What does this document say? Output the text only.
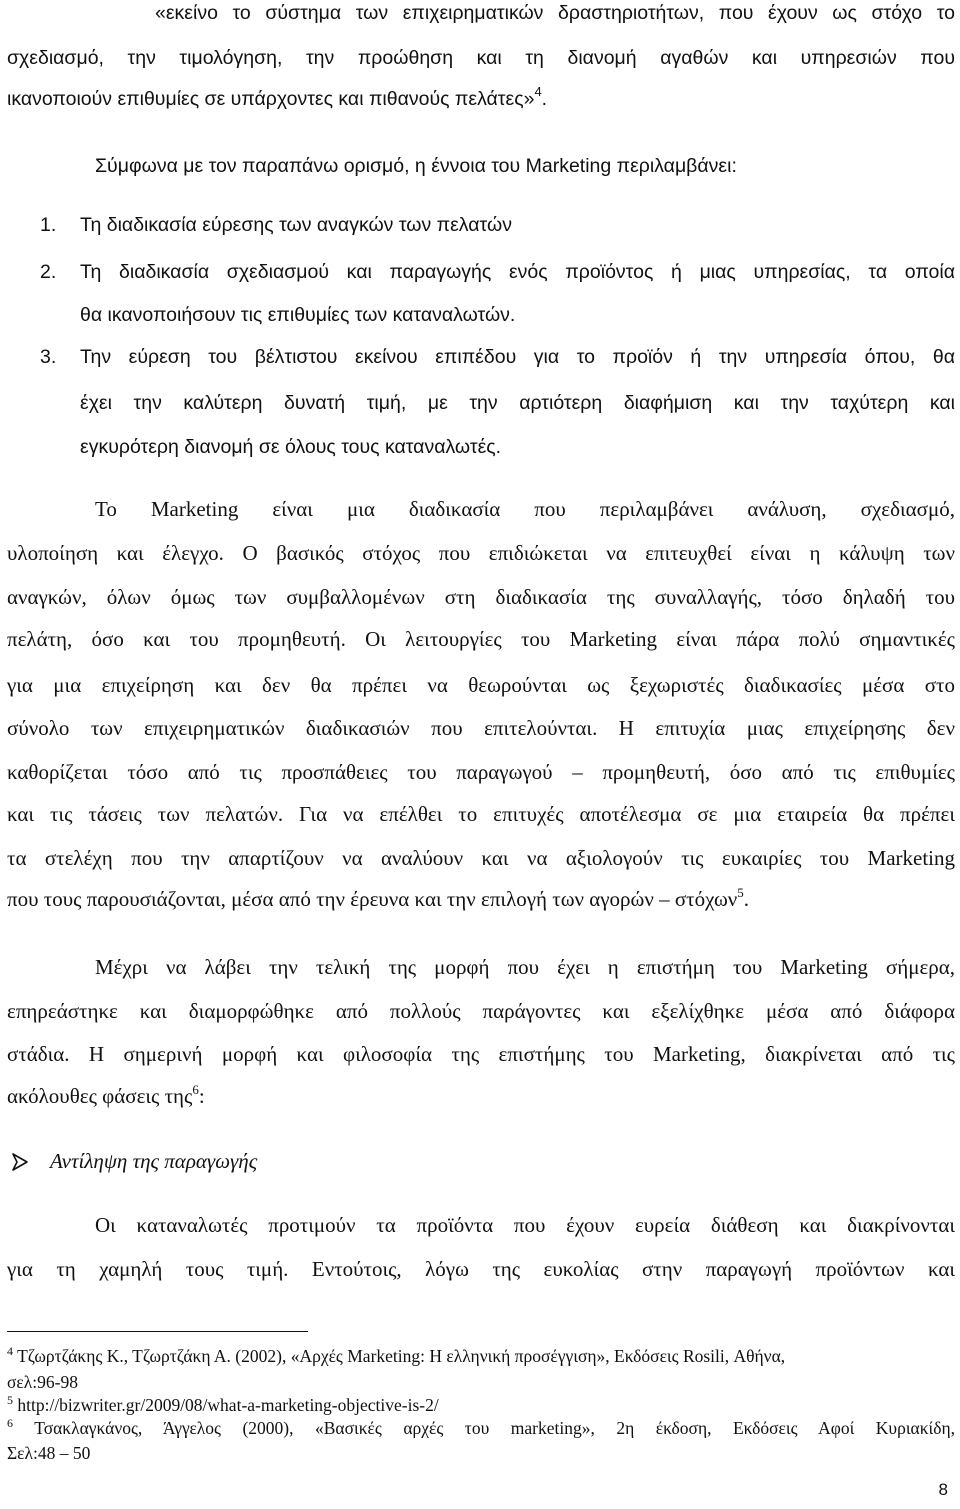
«εκείνο το σύστημα των επιχειρηματικών δραστηριοτήτων, που έχουν ως στόχο το
σχεδιασμό, την τιμολόγηση, την προώθηση και τη διανομή αγαθών και υπηρεσιών που
ικανοποιούν επιθυμίες σε υπάρχοντες και πιθανούς πελάτες»$^4$.
Σύμφωνα με τον παραπάνω ορισμό, η έννοια του Marketing περιλαμβάνει:
1. Τη διαδικασία εύρεσης των αναγκών των πελατών
2. Τη διαδικασία σχεδιασμού και παραγωγής ενός προϊόντος ή μιας υπηρεσίας, τα οποία
θα ικανοποιήσουν τις επιθυμίες των καταναλωτών.
3. Την εύρεση του βέλτιστου εκείνου επιπέδου για το προϊόν ή την υπηρεσία όπου, θα
έχει την καλύτερη δυνατή τιμή, με την αρτιότερη διαφήμιση και την ταχύτερη και
εγκυρότερη διανομή σε όλους τους καταναλωτές.
Το Marketing είναι μια διαδικασία που περιλαμβάνει ανάλυση, σχεδιασμό,
υλοποίηση και έλεγχο. Ο βασικός στόχος που επιδιώκεται να επιτευχθεί είναι η κάλυψη των
αναγκών, όλων όμως των συμβαλλομένων στη διαδικασία της συναλλαγής, τόσο δηλαδή του
πελάτη, όσο και του προμηθευτή. Οι λειτουργίες του Marketing είναι πάρα πολύ σημαντικές
για μια επιχείρηση και δεν θα πρέπει να θεωρούνται ως ξεχωριστές διαδικασίες μέσα στο
σύνολο των επιχειρηματικών διαδικασιών που επιτελούνται. Η επιτυχία μιας επιχείρησης δεν
καθορίζεται τόσο από τις προσπάθειες του παραγωγού – προμηθευτή, όσο από τις επιθυμίες
και τις τάσεις των πελατών. Για να επέλθει το επιτυχές αποτέλεσμα σε μια εταιρεία θα πρέπει
τα στελέχη που την απαρτίζουν να αναλύουν και να αξιολογούν τις ευκαιρίες του Marketing
που τους παρουσιάζονται, μέσα από την έρευνα και την επιλογή των αγορών – στόχων$^5$.
Μέχρι να λάβει την τελική της μορφή που έχει η επιστήμη του Marketing σήμερα,
επηρεάστηκε και διαμορφώθηκε από πολλούς παράγοντες και εξελίχθηκε μέσα από διάφορα
στάδια. Η σημερινή μορφή και φιλοσοφία της επιστήμης του Marketing, διακρίνεται από τις
ακόλουθες φάσεις της$^6$:
Αντίληψη της παραγωγής
Οι καταναλωτές προτιμούν τα προϊόντα που έχουν ευρεία διάθεση και διακρίνονται
για τη χαμηλή τους τιμή. Εντούτοις, λόγω της ευκολίας στην παραγωγή προϊόντων και
$^4$ Τζωρτζάκης Κ., Τζωρτζάκη Α. (2002), «Αρχές Marketing: Η ελληνική προσέγγιση», Εκδόσεις Rosili, Αθήνα,
σελ:96-98
$^5$ http://bizwriter.gr/2009/08/what-a-marketing-objective-is-2/
$^6$ Τσακλαγκάνος, Άγγελος (2000), «Βασικές αρχές του marketing», 2η έκδοση, Εκδόσεις Αφοί Κυριακίδη,
Σελ:48 – 50
8
